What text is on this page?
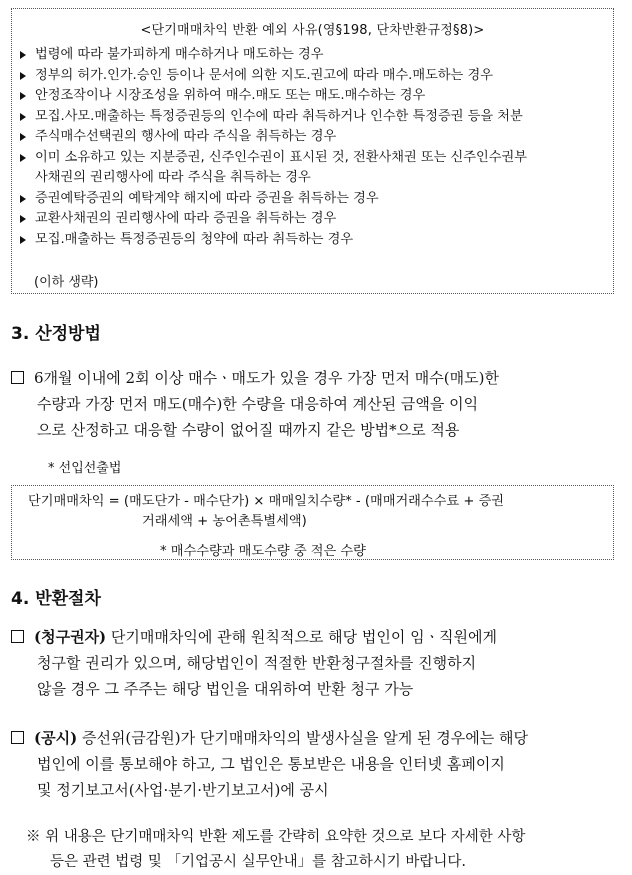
<단기매매차익 반환 예외 사유(영§198, 단차반환규정§8)>
법령에 따라 불가피하게 매수하거나 매도하는 경우
정부의 허가.인가.승인 등이나 문서에 의한 지도.권고에 따라 매수.매도하는 경우
안정조작이나 시장조성을 위하여 매수.매도 또는 매도.매수하는 경우
모집.사모.매출하는 특정증권등의 인수에 따라 취득하거나 인수한 특정증권 등을 처분
주식매수선택권의 행사에 따라 주식을 취득하는 경우
이미 소유하고 있는 지분증권, 신주인수권이 표시된 것, 전환사채권 또는 신주인수권부
사채권의 권리행사에 따라 주식을 취득하는 경우
증권예탁증권의 예탁계약 해지에 따라 증권을 취득하는 경우
교환사채권의 권리행사에 따라 증권을 취득하는 경우
모집.매출하는 특정증권등의 청약에 따라 취득하는 경우
(이하 생략)
3. 산정방법
6개월 이내에 2회 이상 매수ㆍ매도가 있을 경우 가장 먼저 매수(매도)한
수량과 가장 먼저 매도(매수)한 수량을 대응하여 계산된 금액을 이익
으로 산정하고 대응할 수량이 없어질 때까지 같은 방법*으로 적용
* 선입선출법
단기매매차익 = (매도단가 - 매수단가) × 매매일치수량* - (매매거래수수료 + 증권
거래세액 + 농어촌특별세액)
* 매수수량과 매도수량 중 적은 수량
4. 반환절차
(청구권자) 단기매매차익에 관해 원칙적으로 해당 법인이 임ㆍ직원에게
청구할 권리가 있으며, 해당법인이 적절한 반환청구절차를 진행하지
않을 경우 그 주주는 해당 법인을 대위하여 반환 청구 가능
(공시) 증선위(금감원)가 단기매매차익의 발생사실을 알게 된 경우에는 해당
법인에 이를 통보해야 하고, 그 법인은 통보받은 내용을 인터넷 홈페이지
및 정기보고서(사업·분기·반기보고서)에 공시
※ 위 내용은 단기매매차익 반환 제도를 간략히 요약한 것으로 보다 자세한 사항
등은 관련 법령 및 「기업공시 실무안내」를 참고하시기 바랍니다.
